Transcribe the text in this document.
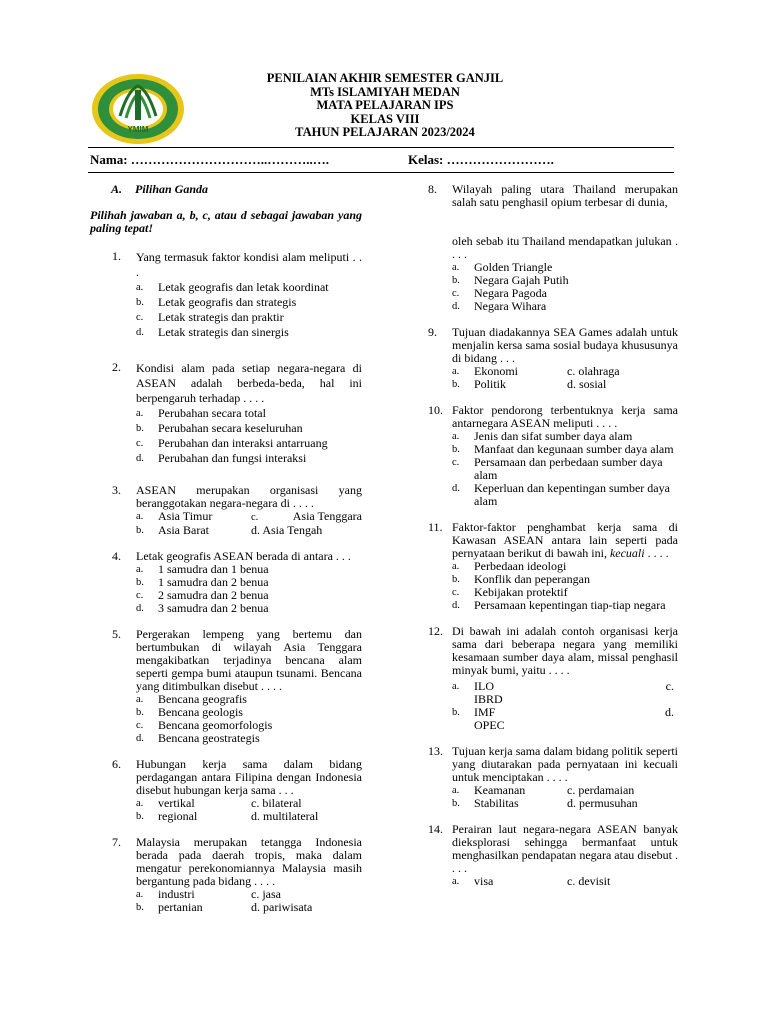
YMIM
PENILAIAN AKHIR SEMESTER GANJIL
MTs ISLAMIYAH MEDAN
MATA PELAJARAN IPS
KELAS VIII
TAHUN PELAJARAN 2023/2024
Nama: …………………………..………..….	Kelas: …………………….
A. Pilihan Ganda
Pilihah jawaban a, b, c, atau d sebagai jawaban yang paling tepat!
1.	Yang termasuk faktor kondisi alam meliputi . . .
a. Letak geografis dan letak koordinat
b. Letak geografis dan strategis
c. Letak strategis dan praktir
d. Letak strategis dan sinergis
2.	Kondisi alam pada setiap negara-negara di ASEAN adalah berbeda-beda, hal ini berpengaruh terhadap . . . .
a. Perubahan secara total
b. Perubahan secara keseluruhan
c. Perubahan dan interaksi antarruang
d. Perubahan dan fungsi interaksi
3.	ASEAN merupakan organisasi yang beranggotakan negara-negara di . . . .
a. Asia Timur	c.	Asia Tenggara
b. Asia Barat	d. Asia Tengah
4.	Letak geografis ASEAN berada di antara . . .
a. 1 samudra dan 1 benua
b. 1 samudra dan 2 benua
c. 2 samudra dan 2 benua
d. 3 samudra dan 2 benua
5.	Pergerakan lempeng yang bertemu dan bertumbukan di wilayah Asia Tenggara mengakibatkan terjadinya bencana alam seperti gempa bumi ataupun tsunami. Bencana yang ditimbulkan disebut . . . .
a. Bencana geografis
b. Bencana geologis
c. Bencana geomorfologis
d. Bencana geostrategis
6.	Hubungan kerja sama dalam bidang perdagangan antara Filipina dengan Indonesia disebut hubungan kerja sama . . .
a. vertikal	c. bilateral
b. regional	d. multilateral
7.	Malaysia merupakan tetangga Indonesia berada pada daerah tropis, maka dalam mengatur perekonomiannya Malaysia masih bergantung pada bidang . . . .
a. industri	c. jasa
b. pertanian	d. pariwisata
8.	Wilayah paling utara Thailand merupakan salah satu penghasil opium terbesar di dunia,
oleh sebab itu Thailand mendapatkan julukan . . . .
a. Golden Triangle
b. Negara Gajah Putih
c. Negara Pagoda
d. Negara Wihara
9.	Tujuan diadakannya SEA Games adalah untuk menjalin kersa sama sosial budaya khususunya di bidang . . .
a. Ekonomi	c. olahraga
b. Politik	d. sosial
10. Faktor pendorong terbentuknya kerja sama antarnegara ASEAN meliputi . . . .
a. Jenis dan sifat sumber daya alam
b. Manfaat dan kegunaan sumber daya alam
c. Persamaan dan perbedaan sumber daya alam
d. Keperluan dan kepentingan sumber daya alam
11. Faktor-faktor penghambat kerja sama di Kawasan ASEAN antara lain seperti pada pernyataan berikut di bawah ini, kecuali . . . .
a. Perbedaan ideologi
b. Konflik dan peperangan
c. Kebijakan protektif
d. Persamaan kepentingan tiap-tiap negara
12. Di bawah ini adalah contoh organisasi kerja sama dari beberapa negara yang memiliki kesamaan sumber daya alam, missal penghasil minyak bumi, yaitu . . . .
a. ILO	c.
IBRD
b. IMF	d.
OPEC
13. Tujuan kerja sama dalam bidang politik seperti yang diutarakan pada pernyataan ini kecuali untuk menciptakan . . . .
a. Keamanan	c. perdamaian
b. Stabilitas	d. permusuhan
14. Perairan laut negara-negara ASEAN banyak dieksplorasi sehingga bermanfaat untuk menghasilkan pendapatan negara atau disebut . . . .
a. visa	c. devisit
